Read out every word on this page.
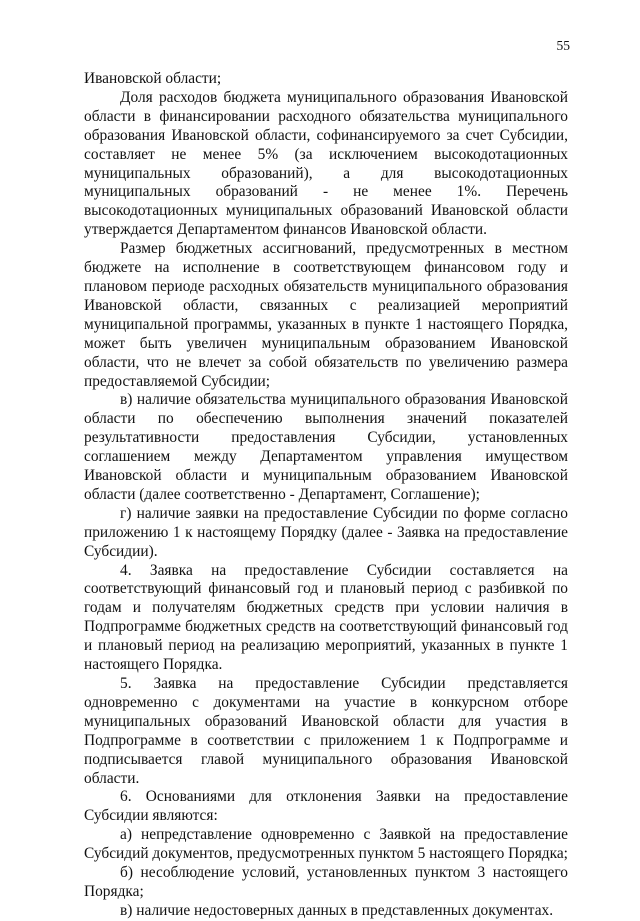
55

Ивановской области;

Доля расходов бюджета муниципального образования Ивановской области в финансировании расходного обязательства муниципального образования Ивановской области, софинансируемого за счет Субсидии, составляет не менее 5% (за исключением высокодотационных муниципальных образований), а для высокодотационных муниципальных образований - не менее 1%. Перечень высокодотационных муниципальных образований Ивановской области утверждается Департаментом финансов Ивановской области.

Размер бюджетных ассигнований, предусмотренных в местном бюджете на исполнение в соответствующем финансовом году и плановом периоде расходных обязательств муниципального образования Ивановской области, связанных с реализацией мероприятий муниципальной программы, указанных в пункте 1 настоящего Порядка, может быть увеличен муниципальным образованием Ивановской области, что не влечет за собой обязательств по увеличению размера предоставляемой Субсидии;

в) наличие обязательства муниципального образования Ивановской области по обеспечению выполнения значений показателей результативности предоставления Субсидии, установленных соглашением между Департаментом управления имуществом Ивановской области и муниципальным образованием Ивановской области (далее соответственно - Департамент, Соглашение);

г) наличие заявки на предоставление Субсидии по форме согласно приложению 1 к настоящему Порядку (далее - Заявка на предоставление Субсидии).

4. Заявка на предоставление Субсидии составляется на соответствующий финансовый год и плановый период с разбивкой по годам и получателям бюджетных средств при условии наличия в Подпрограмме бюджетных средств на соответствующий финансовый год и плановый период на реализацию мероприятий, указанных в пункте 1 настоящего Порядка.

5. Заявка на предоставление Субсидии представляется одновременно с документами на участие в конкурсном отборе муниципальных образований Ивановской области для участия в Подпрограмме в соответствии с приложением 1 к Подпрограмме и подписывается главой муниципального образования Ивановской области.

6. Основаниями для отклонения Заявки на предоставление Субсидии являются:

а) непредставление одновременно с Заявкой на предоставление Субсидий документов, предусмотренных пунктом 5 настоящего Порядка;

б) несоблюдение условий, установленных пунктом 3 настоящего Порядка;

в) наличие недостоверных данных в представленных документах.
